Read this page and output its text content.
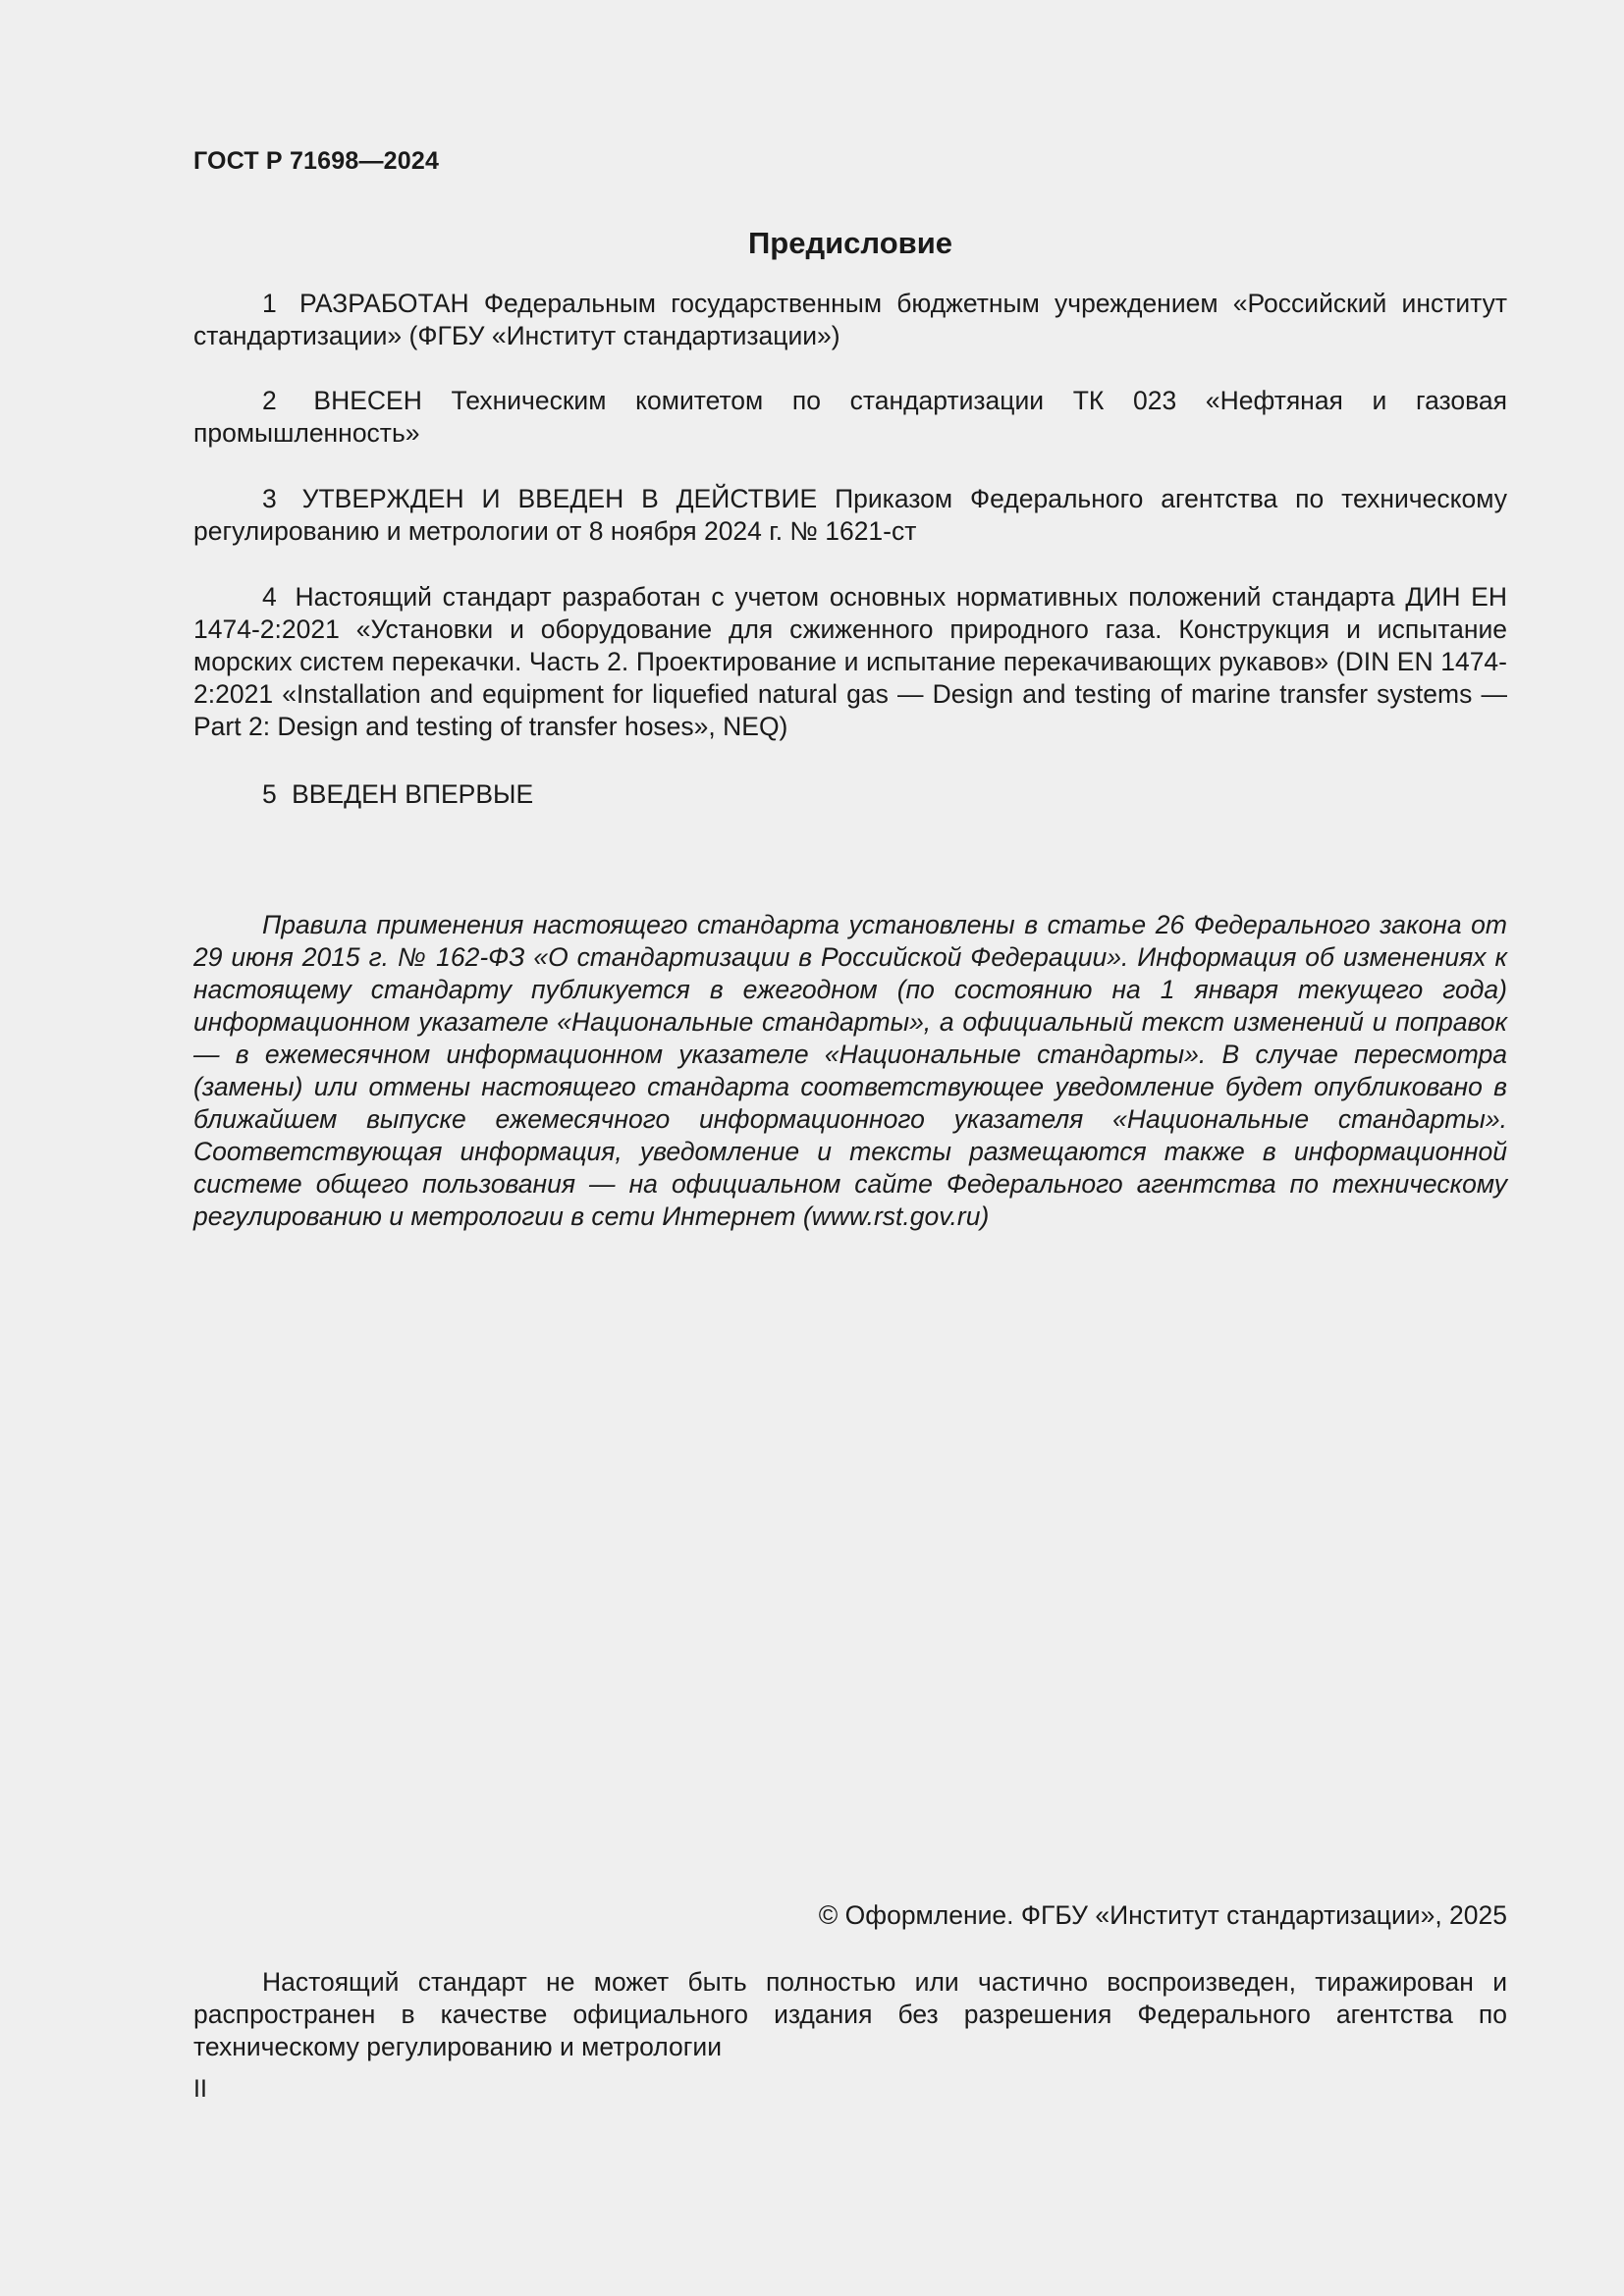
ГОСТ Р 71698—2024
Предисловие

1 РАЗРАБОТАН Федеральным государственным бюджетным учреждением «Российский институт стандартизации» (ФГБУ «Институт стандартизации»)

2 ВНЕСЕН Техническим комитетом по стандартизации ТК 023 «Нефтяная и газовая промышленность»

3 УТВЕРЖДЕН И ВВЕДЕН В ДЕЙСТВИЕ Приказом Федерального агентства по техническому регулированию и метрологии от 8 ноября 2024 г. № 1621-ст

4 Настоящий стандарт разработан с учетом основных нормативных положений стандарта ДИН ЕН 1474-2:2021 «Установки и оборудование для сжиженного природного газа. Конструкция и испытание морских систем перекачки. Часть 2. Проектирование и испытание перекачивающих рукавов» (DIN EN 1474-2:2021 «Installation and equipment for liquefied natural gas — Design and testing of marine transfer systems — Part 2: Design and testing of transfer hoses», NEQ)

5 ВВЕДЕН ВПЕРВЫЕ

Правила применения настоящего стандарта установлены в статье 26 Федерального закона от 29 июня 2015 г. № 162-ФЗ «О стандартизации в Российской Федерации». Информация об изменениях к настоящему стандарту публикуется в ежегодном (по состоянию на 1 января текущего года) информационном указателе «Национальные стандарты», а официальный текст изменений и поправок — в ежемесячном информационном указателе «Национальные стандарты». В случае пересмотра (замены) или отмены настоящего стандарта соответствующее уведомление будет опубликовано в ближайшем выпуске ежемесячного информационного указателя «Национальные стандарты». Соответствующая информация, уведомление и тексты размещаются также в информационной системе общего пользования — на официальном сайте Федерального агентства по техническому регулированию и метрологии в сети Интернет (www.rst.gov.ru)

© Оформление. ФГБУ «Институт стандартизации», 2025

Настоящий стандарт не может быть полностью или частично воспроизведен, тиражирован и распространен в качестве официального издания без разрешения Федерального агентства по техническому регулированию и метрологии

II
